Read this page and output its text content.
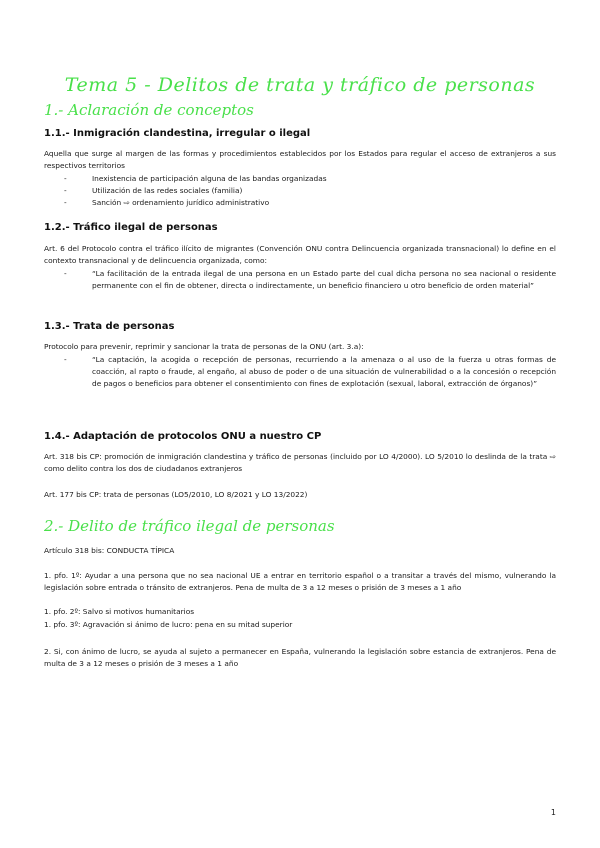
Tema 5 - Delitos de trata y tráfico de personas
1.- Aclaración de conceptos
1.1.- Inmigración clandestina, irregular o ilegal
Aquella que surge al margen de las formas y procedimientos establecidos por los Estados para regular el acceso de extranjeros a sus respectivos territorios
-	Inexistencia de participación alguna de las bandas organizadas
-	Utilización de las redes sociales (familia)
-	Sanción ⇨ ordenamiento jurídico administrativo
1.2.- Tráfico ilegal de personas
Art. 6 del Protocolo contra el tráfico ilícito de migrantes (Convención ONU contra Delincuencia organizada transnacional) lo define en el contexto transnacional y de delincuencia organizada, como:
-	“La facilitación de la entrada ilegal de una persona en un Estado parte del cual dicha persona no sea nacional o residente permanente con el fin de obtener, directa o indirectamente, un beneficio financiero u otro beneficio de orden material”
1.3.- Trata de personas
Protocolo para prevenir, reprimir y sancionar la trata de personas de la ONU (art. 3.a):
-	“La captación, la acogida o recepción de personas, recurriendo a la amenaza o al uso de la fuerza u otras formas de coacción, al rapto o fraude, al engaño, al abuso de poder o de una situación de vulnerabilidad o a la concesión o recepción de pagos o beneficios para obtener el consentimiento con fines de explotación (sexual, laboral, extracción de órganos)”
1.4.- Adaptación de protocolos ONU a nuestro CP
Art. 318 bis CP: promoción de inmigración clandestina y tráfico de personas (incluido por LO 4/2000). LO 5/2010 lo deslinda de la trata ⇨ como delito contra los dos de ciudadanos extranjeros
Art. 177 bis CP: trata de personas (LO5/2010, LO 8/2021 y LO 13/2022)
2.- Delito de tráfico ilegal de personas
Artículo 318 bis: CONDUCTA TÍPICA
1. pfo. 1º: Ayudar a una persona que no sea nacional UE a entrar en territorio español o a transitar a través del mismo, vulnerando la legislación sobre entrada o tránsito de extranjeros. Pena de multa de 3 a 12 meses o prisión de 3 meses a 1 año
1. pfo. 2º: Salvo si motivos humanitarios
1. pfo. 3º: Agravación si ánimo de lucro: pena en su mitad superior
2. Si, con ánimo de lucro, se ayuda al sujeto a permanecer en España, vulnerando la legislación sobre estancia de extranjeros. Pena de multa de 3 a 12 meses o prisión de 3 meses a 1 año
1
